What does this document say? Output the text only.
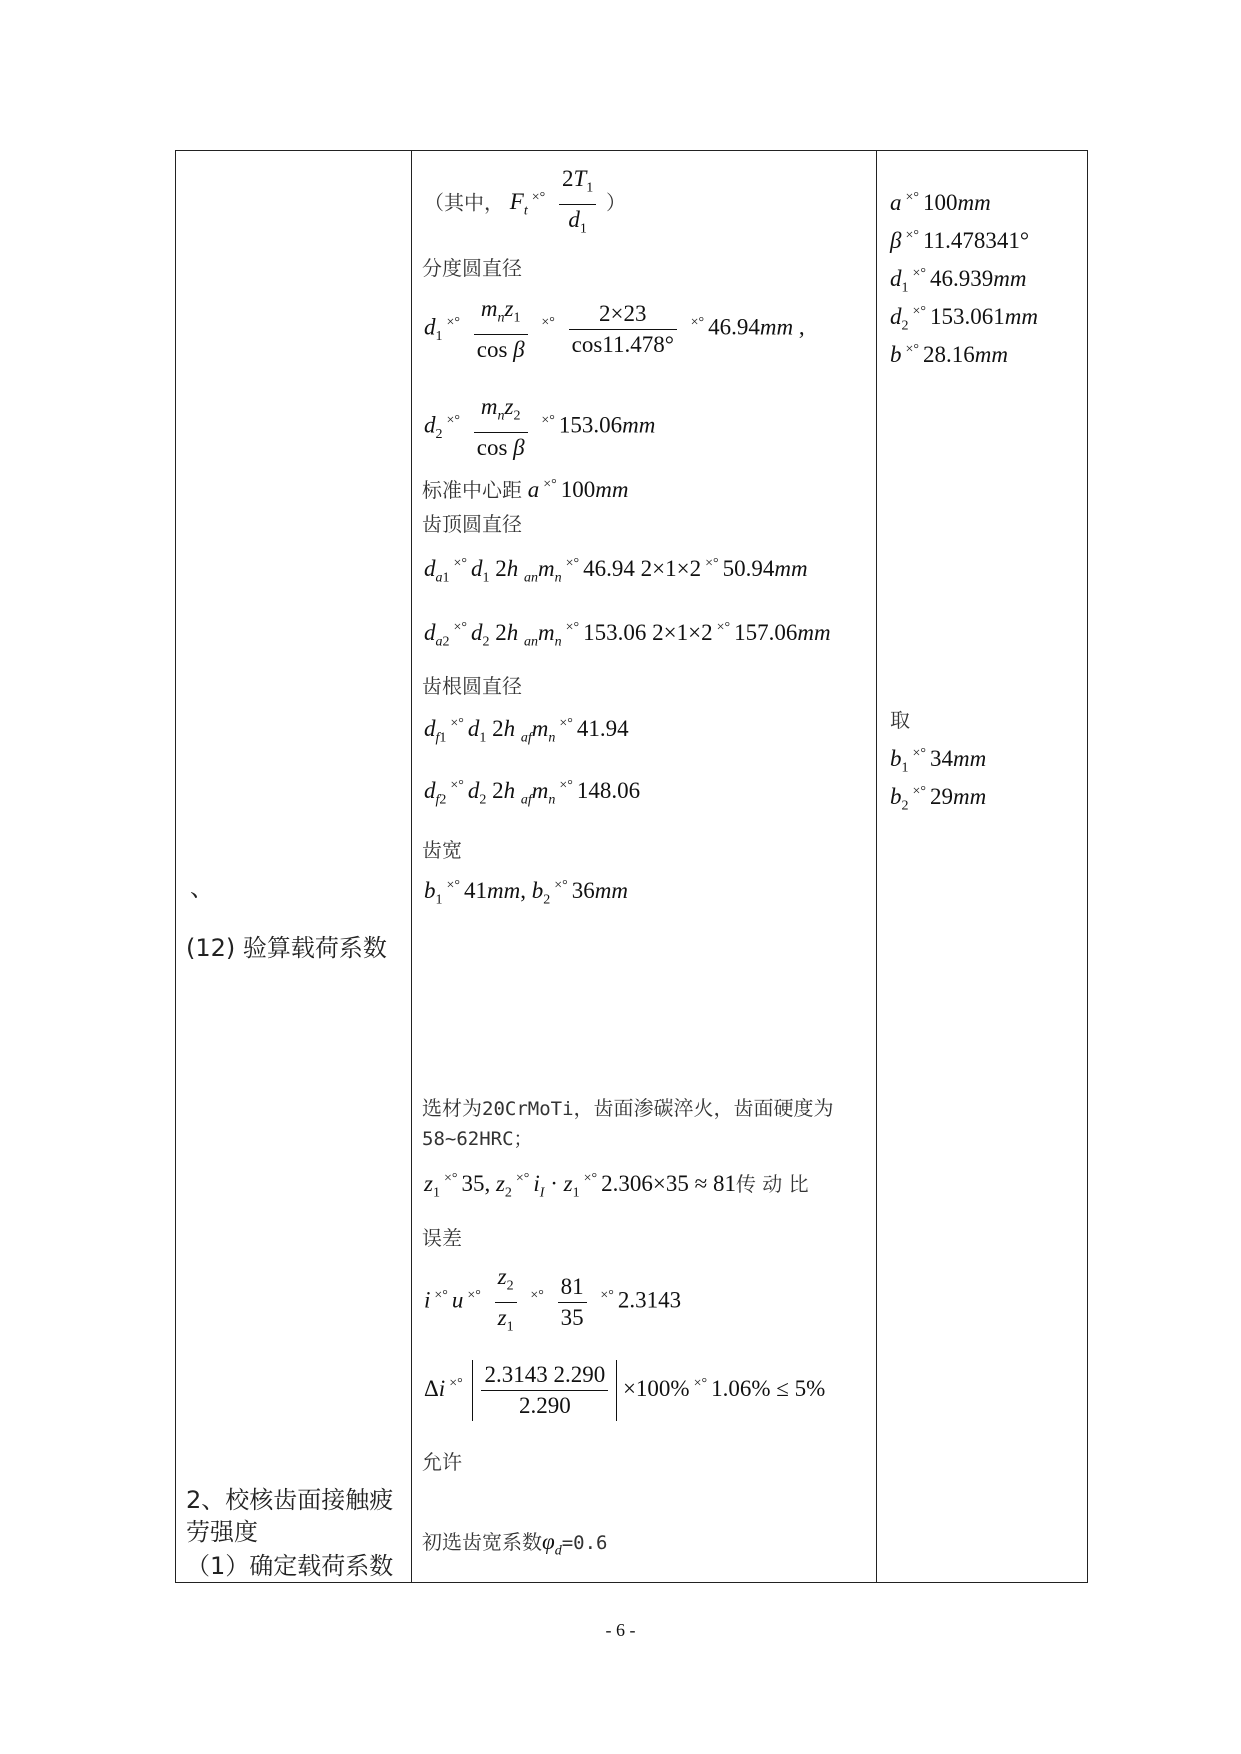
、
(12) 验算载荷系数
2、校核齿面接触疲
劳强度
（1）确定载荷系数
（其中， $F_t\times^\circ \frac{2T_1}{d_1}$ ）
分度圆直径
$d_1\times^\circ \frac{m_nz_1}{\text{cos β}}$ ×° $\frac{2\times 23}{\cos 11.478^\circ}$ ×° 46.94mm ,
$d_2\times^\circ \frac{m_nz_2}{\text{cos β}}$ ×° 153.06mm
标准中心距 a ×° 100mm
齿顶圆直径
$d_{a1}\times^\circ$ $d_1$ 2h $_{an}m_n\times^\circ$ 46.94 2×1×2 ×° 50.94mm
$d_{a2}\times^\circ$ $d_2$ 2h $_{an}m_n\times^\circ$ 153.06 2×1×2 ×° 157.06mm
齿根圆直径
$d_{f1}\times^\circ$ $d_1$ 2h $_{af}m_n\times^\circ$ 41.94
$d_{f2}\times^\circ$ $d_2$ 2h $_{af}m_n\times^\circ$ 148.06
齿宽
$b_1\times^\circ$ 41mm, $b_2\times^\circ$ 36mm
选材为20CrMoTi，齿面渗碳淬火，齿面硬度为
58~62HRC；
$z_1\times^\circ$ 35, $z_2\times^\circ$ $i_I \cdot z_1\times^\circ$ 2.306×35 ≈ 81传 动 比
误差
i ×° u ×° $\frac{z_2}{z_1}$ ×° $\frac{81}{35}$ ×° 2.3143
Δi ×° $\frac{2.3143 2.290}{2.290} \times 100\%$ ×° 1.06% ≤ 5%
允许
初选齿宽系数$\varphi_d=0.6$
a ×° 100mm
β ×° 11.478341°
$d_1\times^\circ$ 46.939mm
$d_2\times^\circ$ 153.061mm
b ×° 28.16mm
取
$b_1\times^\circ$ 34mm
$b_2\times^\circ$ 29mm
- 6 -
